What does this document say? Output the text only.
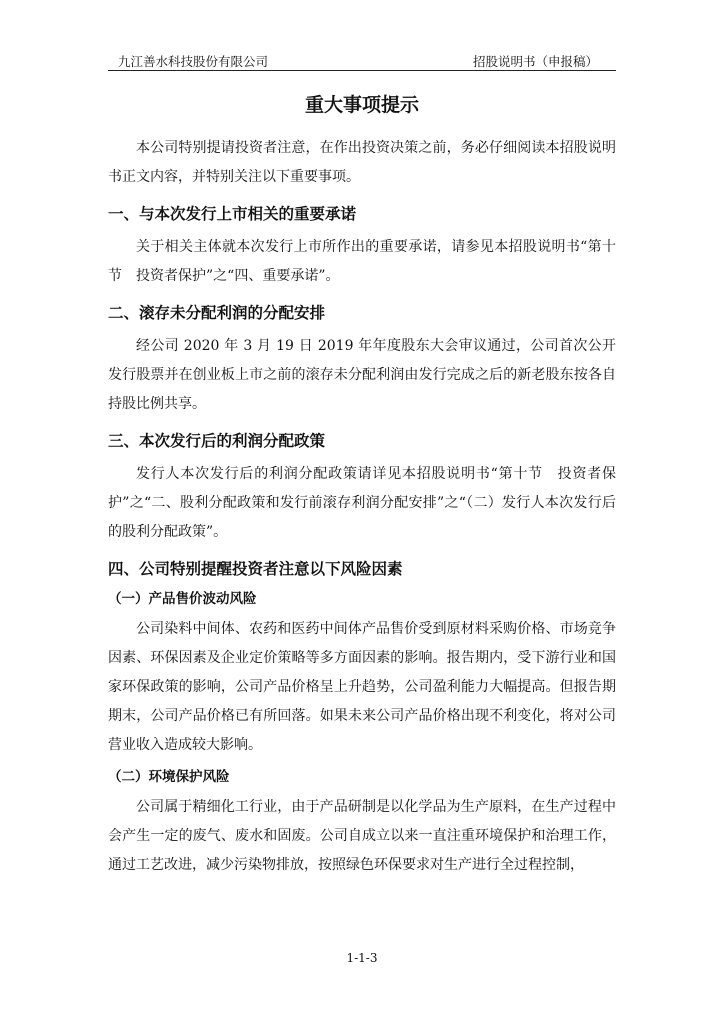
九江善水科技股份有限公司	招股说明书（申报稿）
重大事项提示

本公司特别提请投资者注意，在作出投资决策之前，务必仔细阅读本招股说明书正文内容，并特别关注以下重要事项。

一、与本次发行上市相关的重要承诺

关于相关主体就本次发行上市所作出的重要承诺，请参见本招股说明书“第十节　投资者保护”之“四、重要承诺”。

二、滚存未分配利润的分配安排

经公司 2020 年 3 月 19 日 2019 年年度股东大会审议通过，公司首次公开发行股票并在创业板上市之前的滚存未分配利润由发行完成之后的新老股东按各自持股比例共享。

三、本次发行后的利润分配政策

发行人本次发行后的利润分配政策请详见本招股说明书“第十节　投资者保护”之“二、股利分配政策和发行前滚存利润分配安排”之“（二）发行人本次发行后的股利分配政策”。

四、公司特别提醒投资者注意以下风险因素
（一）产品售价波动风险

公司染料中间体、农药和医药中间体产品售价受到原材料采购价格、市场竞争因素、环保因素及企业定价策略等多方面因素的影响。报告期内，受下游行业和国家环保政策的影响，公司产品价格呈上升趋势，公司盈利能力大幅提高。但报告期期末，公司产品价格已有所回落。如果未来公司产品价格出现不利变化，将对公司营业收入造成较大影响。

（二）环境保护风险

公司属于精细化工行业，由于产品研制是以化学品为生产原料，在生产过程中会产生一定的废气、废水和固废。公司自成立以来一直注重环境保护和治理工作，通过工艺改进，减少污染物排放，按照绿色环保要求对生产进行全过程控制，

1-1-3
